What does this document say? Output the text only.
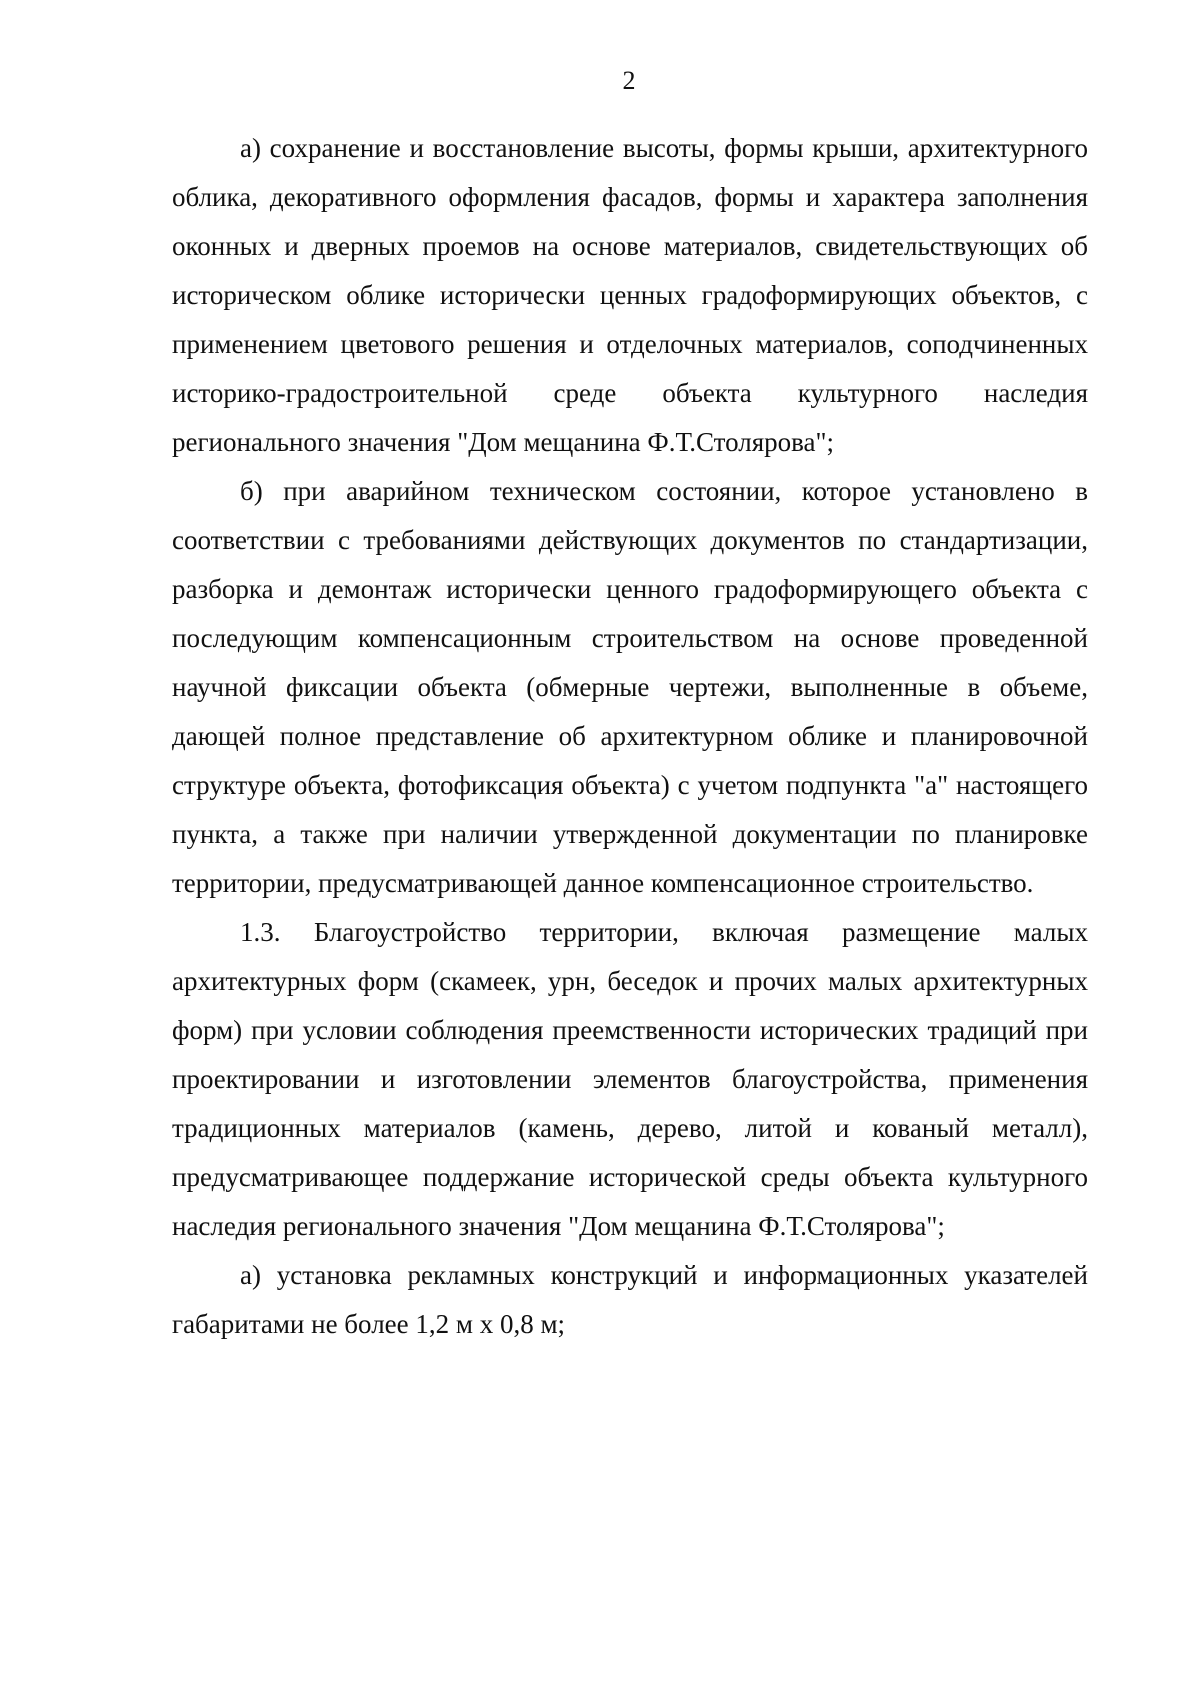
2

а) сохранение и восстановление высоты, формы крыши, архитектурного облика, декоративного оформления фасадов, формы и характера заполнения оконных и дверных проемов на основе материалов, свидетельствующих об историческом облике исторически ценных градоформирующих объектов, с применением цветового решения и отделочных материалов, соподчиненных историко-градостроительной среде объекта культурного наследия регионального значения "Дом мещанина Ф.Т.Столярова";

б) при аварийном техническом состоянии, которое установлено в соответствии с требованиями действующих документов по стандартизации, разборка и демонтаж исторически ценного градоформирующего объекта с последующим компенсационным строительством на основе проведенной научной фиксации объекта (обмерные чертежи, выполненные в объеме, дающей полное представление об архитектурном облике и планировочной структуре объекта, фотофиксация объекта) с учетом подпункта "а" настоящего пункта, а также при наличии утвержденной документации по планировке территории, предусматривающей данное компенсационное строительство.

1.3. Благоустройство территории, включая размещение малых архитектурных форм (скамеек, урн, беседок и прочих малых архитектурных форм) при условии соблюдения преемственности исторических традиций при проектировании и изготовлении элементов благоустройства, применения традиционных материалов (камень, дерево, литой и кованый металл), предусматривающее поддержание исторической среды объекта культурного наследия регионального значения "Дом мещанина Ф.Т.Столярова";

а) установка рекламных конструкций и информационных указателей габаритами не более 1,2 м х 0,8 м;
